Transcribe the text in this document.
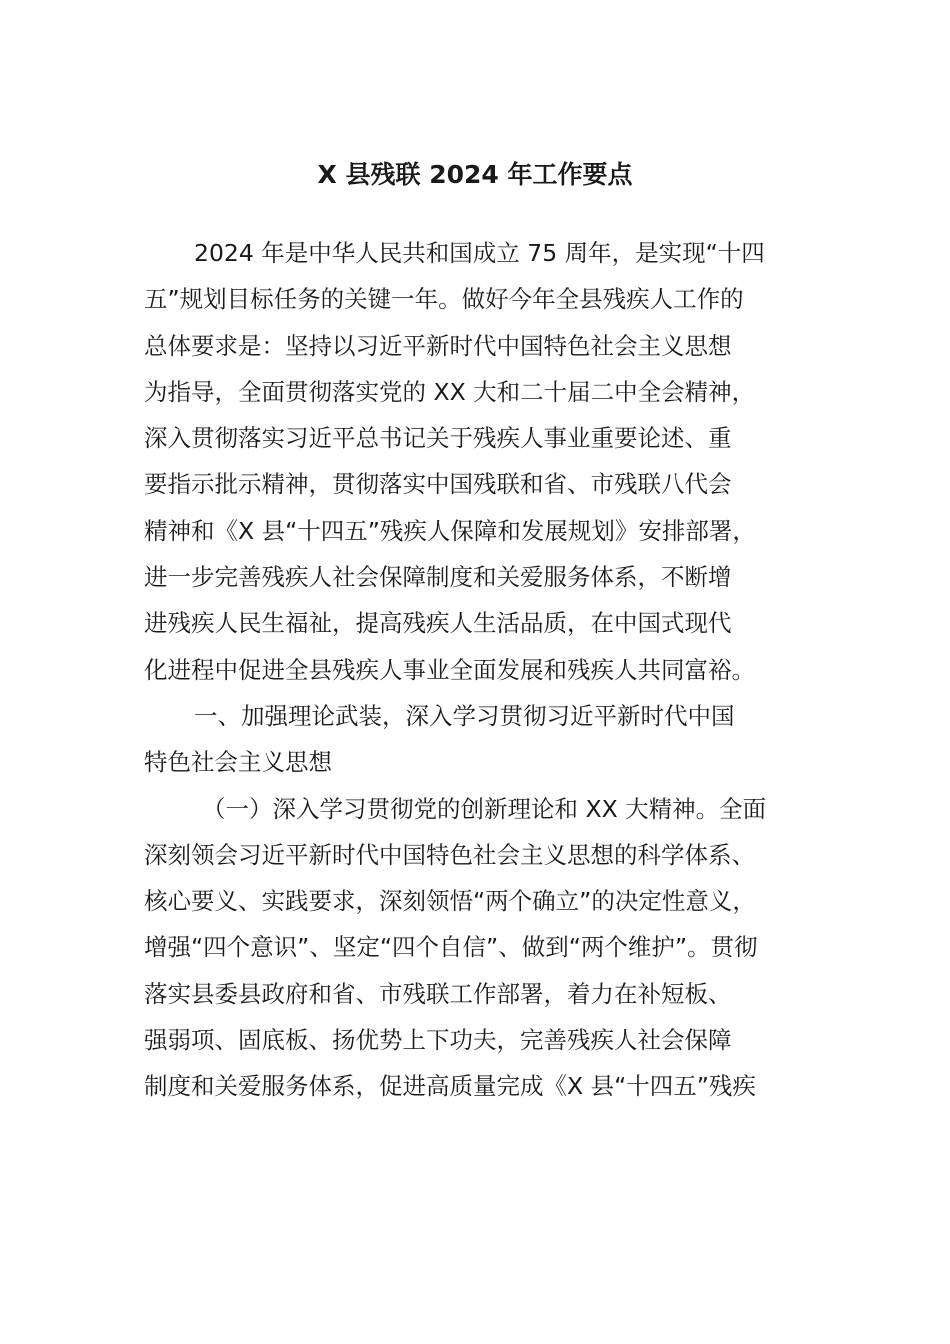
X 县残联 2024 年工作要点
2024 年是中华人民共和国成立 75 周年，是实现“十四
五”规划目标任务的关键一年。做好今年全县残疾人工作的
总体要求是：坚持以习近平新时代中国特色社会主义思想
为指导，全面贯彻落实党的 XX 大和二十届二中全会精神，
深入贯彻落实习近平总书记关于残疾人事业重要论述、重
要指示批示精神，贯彻落实中国残联和省、市残联八代会
精神和《X 县“十四五”残疾人保障和发展规划》安排部署，
进一步完善残疾人社会保障制度和关爱服务体系，不断增
进残疾人民生福祉，提高残疾人生活品质，在中国式现代
化进程中促进全县残疾人事业全面发展和残疾人共同富裕。
一、加强理论武装，深入学习贯彻习近平新时代中国
特色社会主义思想
（一）深入学习贯彻党的创新理论和 XX 大精神。全面
深刻领会习近平新时代中国特色社会主义思想的科学体系、
核心要义、实践要求，深刻领悟“两个确立”的决定性意义，
增强“四个意识”、坚定“四个自信”、做到“两个维护”。贯彻
落实县委县政府和省、市残联工作部署，着力在补短板、
强弱项、固底板、扬优势上下功夫，完善残疾人社会保障
制度和关爱服务体系，促进高质量完成《X 县“十四五”残疾
